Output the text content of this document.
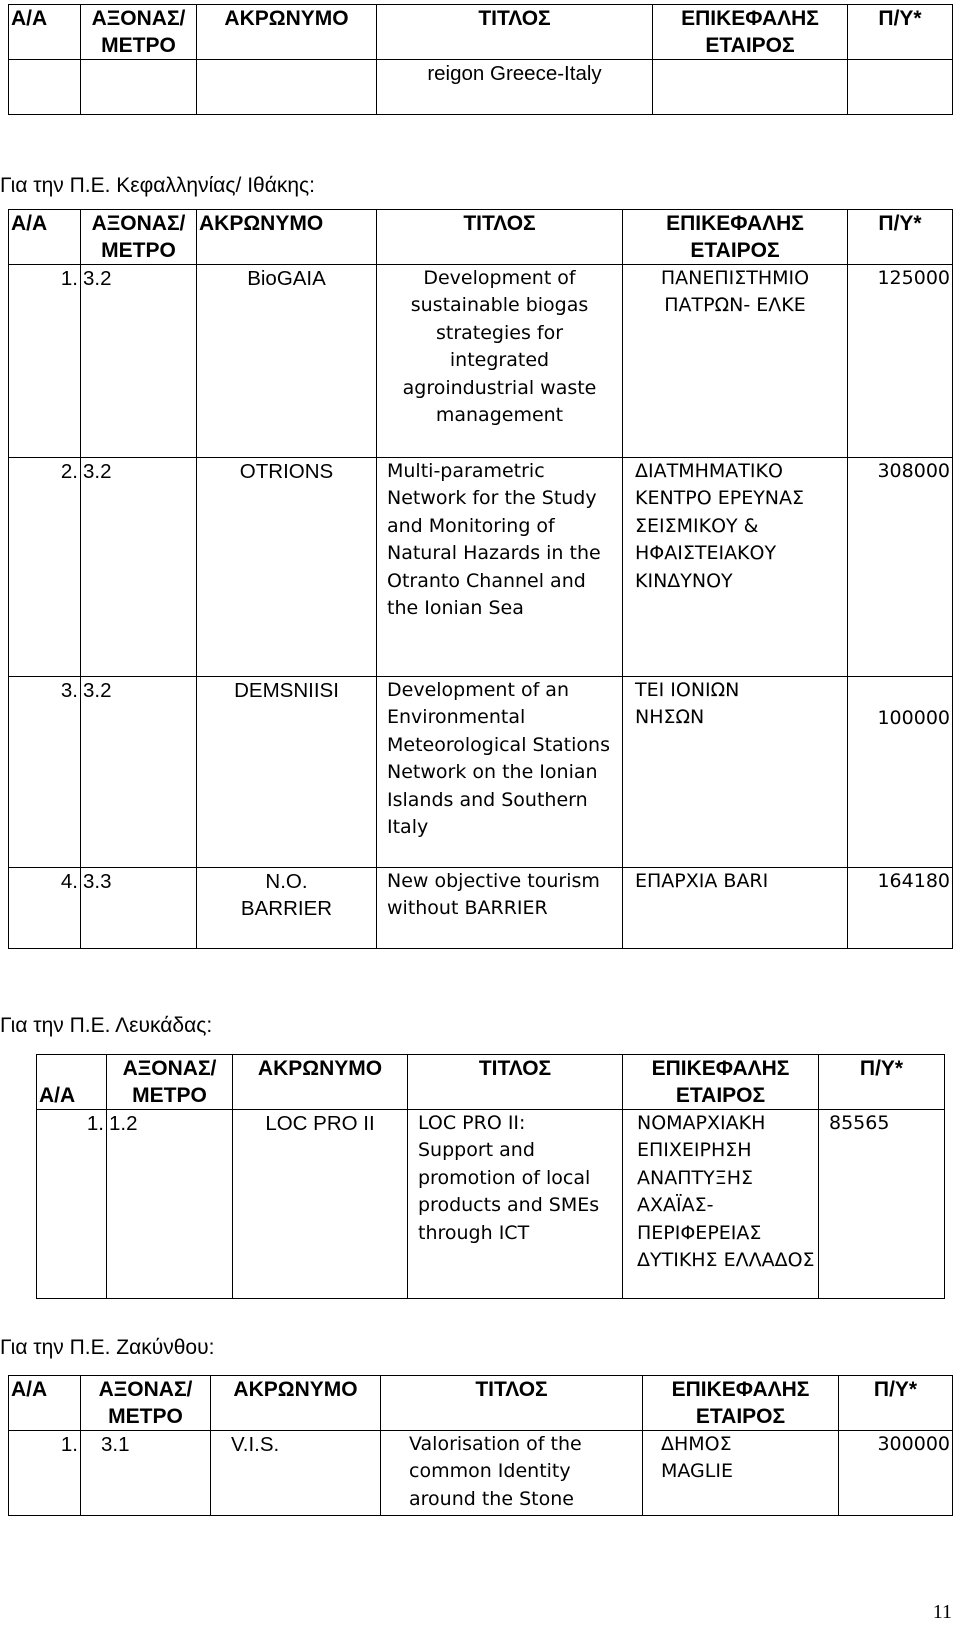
Α/Α	ΑΞΟΝΑΣ/ ΜΕΤΡΟ	ΑΚΡΩΝΥΜΟ	ΤΙΤΛΟΣ	ΕΠΙΚΕΦΑΛΗΣ ΕΤΑΙΡΟΣ	Π/Υ*
			reigon Greece-Italy		
Για την Π.Ε. Κεφαλληνίας/ Ιθάκης:
Α/Α	ΑΞΟΝΑΣ/ ΜΕΤΡΟ	ΑΚΡΩΝΥΜΟ	ΤΙΤΛΟΣ	ΕΠΙΚΕΦΑΛΗΣ ΕΤΑΙΡΟΣ	Π/Υ*
1.	3.2	BioGAIA	Development of sustainable biogas strategies for integrated agroindustrial waste management	ΠΑΝΕΠΙΣΤΗΜΙΟ ΠΑΤΡΩΝ- ΕΛΚΕ	125000
2.	3.2	OTRIONS	Multi-parametric Network for the Study and Monitoring of Natural Hazards in the Otranto Channel and the Ionian Sea	ΔΙΑΤΜΗΜΑΤΙΚΟ ΚΕΝΤΡΟ ΕΡΕΥΝΑΣ ΣΕΙΣΜΙΚΟΥ & ΗΦΑΙΣΤΕΙΑΚΟΥ ΚΙΝΔΥΝΟΥ	308000
3.	3.2	DEMSNIISI	Development of an Environmental Meteorological Stations Network on the Ionian Islands and Southern Italy	ΤΕΙ ΙΟΝΙΩΝ ΝΗΣΩΝ	100000
4.	3.3	N.O. BARRIER	New objective tourism without BARRIER	ΕΠΑΡΧΙΑ BARI	164180
Για την Π.Ε. Λευκάδας:
Α/Α	ΑΞΟΝΑΣ/ ΜΕΤΡΟ	ΑΚΡΩΝΥΜΟ	ΤΙΤΛΟΣ	ΕΠΙΚΕΦΑΛΗΣ ΕΤΑΙΡΟΣ	Π/Υ*
1.	1.2	LOC PRO II	LOC PRO II: Support and promotion of local products and SMEs through ICT	ΝΟΜΑΡΧΙΑΚΗ ΕΠΙΧΕΙΡΗΣΗ ΑΝΑΠΤΥΞΗΣ ΑΧΑΪΑΣ- ΠΕΡΙΦΕΡΕΙΑΣ ΔΥΤΙΚΗΣ ΕΛΛΑΔΟΣ	85565
Για την Π.Ε. Ζακύνθου:
Α/Α	ΑΞΟΝΑΣ/ ΜΕΤΡΟ	ΑΚΡΩΝΥΜΟ	ΤΙΤΛΟΣ	ΕΠΙΚΕΦΑΛΗΣ ΕΤΑΙΡΟΣ	Π/Υ*
1.	3.1	V.I.S.	Valorisation of the common Identity around the Stone	ΔΗΜΟΣ MAGLIE	300000
11
